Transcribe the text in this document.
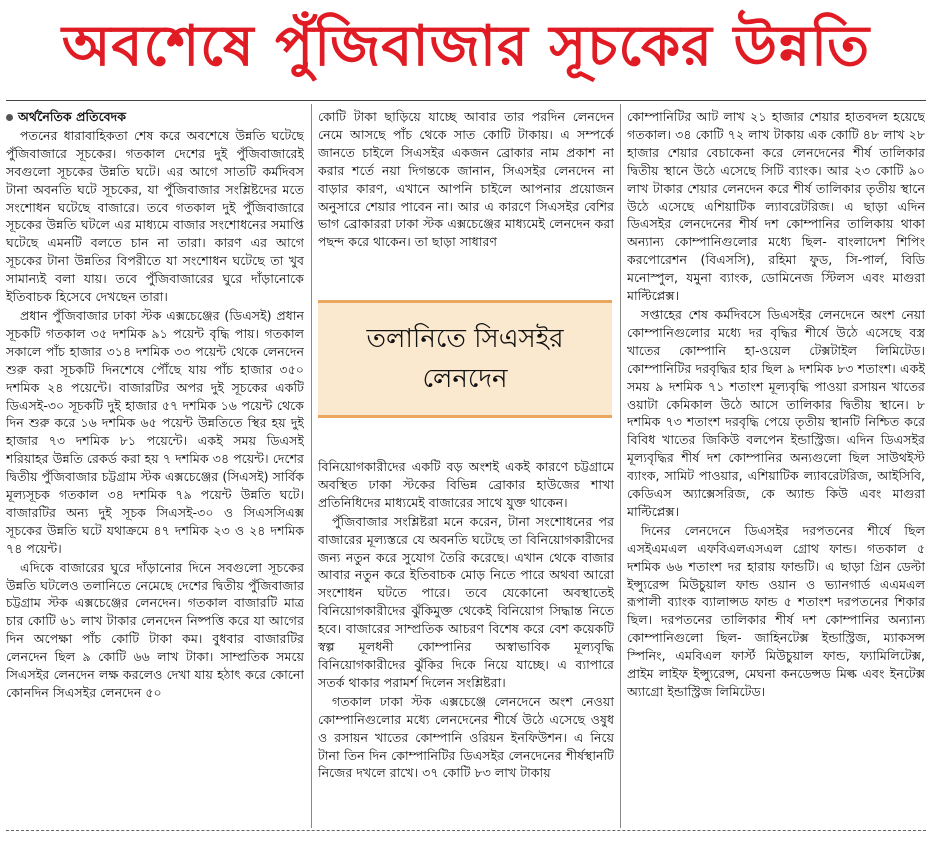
অবশেষে পুঁজিবাজার সূচকের উন্নতি

অর্থনৈতিক প্রতিবেদক

পতনের ধারাবাহিকতা শেষ করে অবশেষে উন্নতি ঘটেছে পুঁজিবাজারে সূচকের। গতকাল দেশের দুই পুঁজিবাজারেই সবগুলো সূচকের উন্নতি ঘটে। এর আগে সাতটি কর্মদিবস টানা অবনতি ঘটে সূচকের, যা পুঁজিবাজার সংশ্লিষ্টদের মতে সংশোধন ঘটেছে বাজারে। তবে গতকাল দুই পুঁজিবাজারে সূচকের উন্নতি ঘটলে এর মাধ্যমে বাজার সংশোধনের সমাপ্তি ঘটেছে এমনটি বলতে চান না তারা। কারণ এর আগে সূচকের টানা উন্নতির বিপরীতে যা সংশোধন ঘটেছে তা খুব সামান্যই বলা যায়। তবে পুঁজিবাজারের ঘুরে দাঁড়ানোকে ইতিবাচক হিসেবে দেখছেন তারা।

প্রধান পুঁজিবাজার ঢাকা স্টক এক্সচেঞ্জের (ডিএসই) প্রধান সূচকটি গতকাল ৩৫ দশমিক ৯১ পয়েন্ট বৃদ্ধি পায়। গতকাল সকালে পাঁচ হাজার ৩১৪ দশমিক ৩৩ পয়েন্ট থেকে লেনদেন শুরু করা সূচকটি দিনশেষে পৌঁছে যায় পাঁচ হাজার ৩৫০ দশমিক ২৪ পয়েন্টে। বাজারটির অপর দুই সূচকের একটি ডিএসই-৩০ সূচকটি দুই হাজার ৫৭ দশমিক ১৬ পয়েন্ট থেকে দিন শুরু করে ১৬ দশমিক ৬৫ পয়েন্ট উন্নতিতে স্থির হয় দুই হাজার ৭৩ দশমিক ৮১ পয়েন্টে। একই সময় ডিএসই শরিয়াহর উন্নতি রেকর্ড করা হয় ৭ দশমিক ৩৪ পয়েন্ট। দেশের দ্বিতীয় পুঁজিবাজার চট্টগ্রাম স্টক এক্সচেঞ্জের (সিএসই) সার্বিক মূল্যসূচক গতকাল ৩৪ দশমিক ৭৯ পয়েন্ট উন্নতি ঘটে। বাজারটির অন্য দুই সূচক সিএসই-৩০ ও সিএসসিএক্স সূচকের উন্নতি ঘটে যথাক্রমে ৪৭ দশমিক ২৩ ও ২৪ দশমিক ৭৪ পয়েন্ট।

এদিকে বাজারের ঘুরে দাঁড়ানোর দিনে সবগুলো সূচকের উন্নতি ঘটলেও তলানিতে নেমেছে দেশের দ্বিতীয় পুঁজিবাজার চট্টগ্রাম স্টক এক্সচেঞ্জের লেনদেন। গতকাল বাজারটি মাত্র চার কোটি ৬১ লাখ টাকার লেনদেন নিষ্পত্তি করে যা আগের দিন অপেক্ষা পাঁচ কোটি টাকা কম। বুধবার বাজারটির লেনদেন ছিল ৯ কোটি ৬৬ লাখ টাকা। সাম্প্রতিক সময়ে সিএসইর লেনদেন লক্ষ করলেও দেখা যায় হঠাৎ করে কোনো কোনদিন সিএসইর লেনদেন ৫০

কোটি টাকা ছাড়িয়ে যাচ্ছে আবার তার পরদিন লেনদেন নেমে আসছে পাঁচ থেকে সাত কোটি টাকায়। এ সম্পর্কে জানতে চাইলে সিএসইর একজন ব্রোকার নাম প্রকাশ না করার শর্তে নয়া দিগন্তকে জানান, সিএসইর লেনদেন না বাড়ার কারণ, এখানে আপনি চাইলে আপনার প্রয়োজন অনুসারে শেয়ার পাবেন না। আর এ কারণে সিএসইর বেশির ভাগ ব্রোকাররা ঢাকা স্টক এক্সচেঞ্জের মাধ্যমেই লেনদেন করা পছন্দ করে থাকেন। তা ছাড়া সাধারণ

তলানিতে সিএসইর লেনদেন

বিনিয়োগকারীদের একটি বড় অংশই একই কারণে চট্টগ্রামে অবস্থিত ঢাকা স্টকের বিভিন্ন ব্রোকার হাউজের শাখা প্রতিনিধিদের মাধ্যমেই বাজারের সাথে যুক্ত থাকেন।

পুঁজিবাজার সংশ্লিষ্টরা মনে করেন, টানা সংশোধনের পর বাজারের মূল্যস্তরে যে অবনতি ঘটেছে তা বিনিয়োগকারীদের জন্য নতুন করে সুযোগ তৈরি করেছে। এখান থেকে বাজার আবার নতুন করে ইতিবাচক মোড় নিতে পারে অথবা আরো সংশোধন ঘটতে পারে। তবে যেকোনো অবস্থাতেই বিনিয়োগকারীদের ঝুঁকিমুক্ত থেকেই বিনিয়োগ সিদ্ধান্ত নিতে হবে। বাজারের সাম্প্রতিক আচরণ বিশেষ করে বেশ কয়েকটি স্বল্প মূলধনী কোম্পানির অস্বাভাবিক মূল্যবৃদ্ধি বিনিয়োগকারীদের ঝুঁকির দিকে নিয়ে যাচ্ছে। এ ব্যাপারে সতর্ক থাকার পরামর্শ দিলেন সংশ্লিষ্টরা।

গতকাল ঢাকা স্টক এক্সচেঞ্জে লেনদেনে অংশ নেওয়া কোম্পানিগুলোর মধ্যে লেনদেনের শীর্ষে উঠে এসেছে ওষুধ ও রসায়ন খাতের কোম্পানি ওরিয়ন ইনফিউশন। এ নিয়ে টানা তিন দিন কোম্পানিটির ডিএসইর লেনদেনের শীর্ষস্থানটি নিজের দখলে রাখে। ৩৭ কোটি ৮৩ লাখ টাকায়

কোম্পানিটির আট লাখ ২১ হাজার শেয়ার হাতবদল হয়েছে গতকাল। ৩৪ কোটি ৭২ লাখ টাকায় এক কোটি ৪৮ লাখ ২৮ হাজার শেয়ার বেচাকেনা করে লেনদেনের শীর্ষ তালিকার দ্বিতীয় স্থানে উঠে এসেছে সিটি ব্যাংক। আর ২৩ কোটি ৯০ লাখ টাকার শেয়ার লেনদেন করে শীর্ষ তালিকার তৃতীয় স্থানে উঠে এসেছে এশিয়াটিক ল্যাবরেটরিজ। এ ছাড়া এদিন ডিএসইর লেনদেনের শীর্ষ দশ কোম্পানির তালিকায় থাকা অন্যান্য কোম্পানিগুলোর মধ্যে ছিল- বাংলাদেশ শিপিং করপোরেশন (বিএসসি), রহিমা ফুড, সি-পার্ল, বিডি মনোস্পুল, যমুনা ব্যাংক, ডোমিনেজ স্টিলস এবং মাগুরা মাল্টিপ্লেক্স।

সপ্তাহের শেষ কর্মদিবসে ডিএসইর লেনদেনে অংশ নেয়া কোম্পানিগুলোর মধ্যে দর বৃদ্ধির শীর্ষে উঠে এসেছে বস্ত্র খাতের কোম্পানি হা-ওয়েল টেক্সটাইল লিমিটেড। কোম্পানিটির দরবৃদ্ধির হার ছিল ৯ দশমিক ৮৩ শতাংশ। একই সময় ৯ দশমিক ৭১ শতাংশ মূল্যবৃদ্ধি পাওয়া রসায়ন খাতের ওয়াটা কেমিকাল উঠে আসে তালিকার দ্বিতীয় স্থানে। ৮ দশমিক ৭৩ শতাংশ দরবৃদ্ধি পেয়ে তৃতীয় স্থানটি নিশ্চিত করে বিবিধ খাতের জিকিউ বলপেন ইন্ডাস্ট্রিজ। এদিন ডিএসইর মূল্যবৃদ্ধির শীর্ষ দশ কোম্পানির অন্যগুলো ছিল সাউথইস্ট ব্যাংক, সামিট পাওয়ার, এশিয়াটিক ল্যাবরেটরিজ, আইসিবি, কেডিএস অ্যাক্সেসরিজ, কে অ্যান্ড কিউ এবং মাগুরা মাল্টিপ্লেক্স।

দিনের লেনদেনে ডিএসইর দরপতনের শীর্ষে ছিল এসইএমএল এফবিএলএসএল গ্রোথ ফান্ড। গতকাল ৫ দশমিক ৬৬ শতাংশ দর হারায় ফান্ডটি। এ ছাড়া গ্রিন ডেল্টা ইন্স্যুরেন্স মিউচুয়াল ফান্ড ওয়ান ও ভ্যানগার্ড এএমএল রূপালী ব্যাংক ব্যালান্সড ফান্ড ৫ শতাংশ দরপতনের শিকার ছিল। দরপতনের তালিকার শীর্ষ দশ কোম্পানির অন্যান্য কোম্পানিগুলো ছিল- জাহিনটেক্স ইন্ডাস্ট্রিজ, ম্যাকসন্স স্পিনিং, এমবিএল ফার্স্ট মিউচুয়াল ফান্ড, ফ্যামিলিটেক্স, প্রাইম লাইফ ইন্স্যুরেন্স, মেঘনা কনডেন্সড মিল্ক এবং ইনটেক্স অ্যাগ্রো ইন্ডাস্ট্রিজ লিমিটেড।
